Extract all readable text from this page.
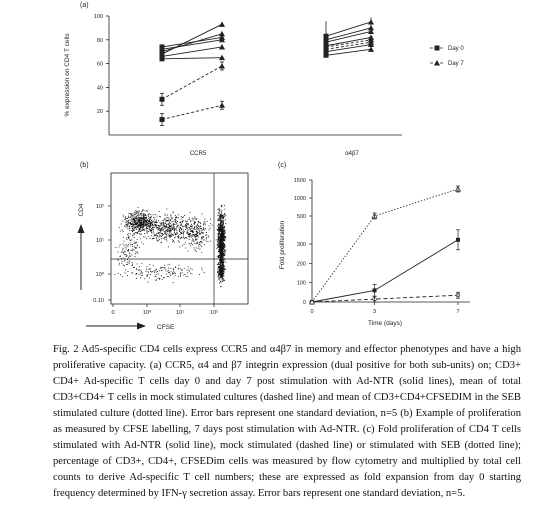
(a)
% expression on CD4 T cells	20
40
60
80
100
CCR5	α4β7
Day 0
Day 7
(b)
0.10
10⁰
10¹
10²
0	10⁰	10¹	10²
CD4
CFSE
(c)
Fold proliferation
0
100
200
300
500
1000
1500
0	3	7
Time (days)

Fig. 2 Ad5-specific CD4 cells express CCR5 and α4β7 in memory and effector phenotypes and have a high proliferative capacity. (a) CCR5, α4 and β7 integrin expression (dual positive for both sub-units) on; CD3+ CD4+ Ad-specific T cells day 0 and day 7 post stimulation with Ad-NTR (solid lines), mean of total CD3+CD4+ T cells in mock stimulated cultures (dashed line) and mean of CD3+CD4+CFSEDIM in the SEB stimulated culture (dotted line). Error bars represent one standard deviation, n=5 (b) Example of proliferation as measured by CFSE labelling, 7 days post stimulation with Ad-NTR. (c) Fold proliferation of CD4 T cells stimulated with Ad-NTR (solid line), mock stimulated (dashed line) or stimulated with SEB (dotted line); percentage of CD3+, CD4+, CFSEDim cells was measured by flow cytometry and multiplied by total cell counts to derive Ad-specific T cell numbers; these are expressed as fold expansion from day 0 starting frequency determined by IFN-γ secretion assay. Error bars represent one standard deviation, n=5.
